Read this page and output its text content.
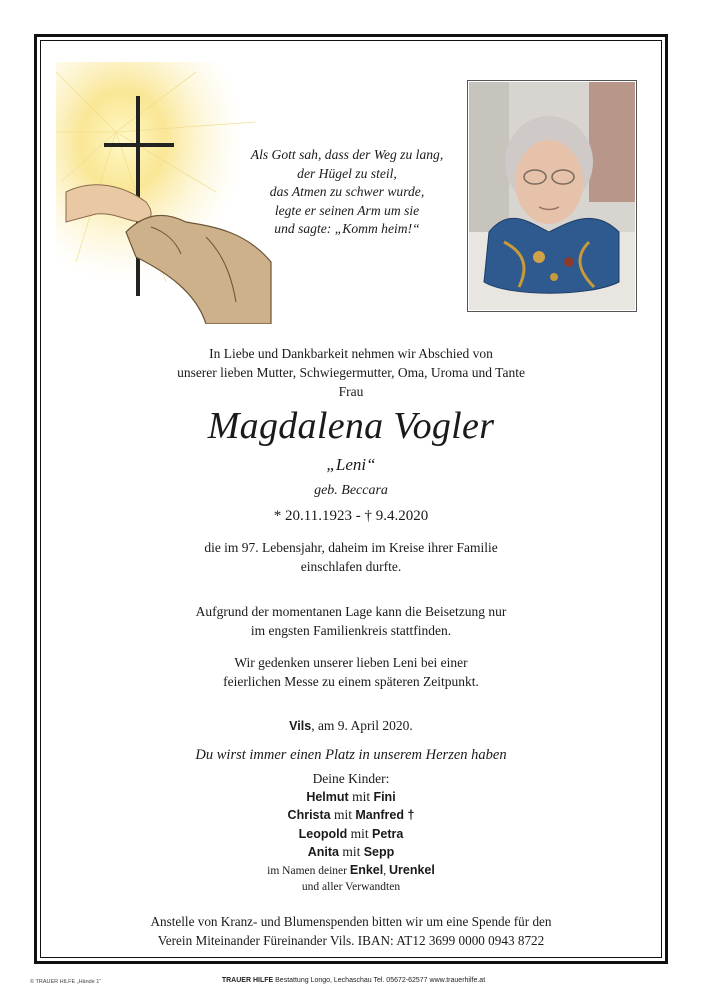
Als Gott sah, dass der Weg zu lang,
der Hügel zu steil,
das Atmen zu schwer wurde,
legte er seinen Arm um sie
und sagte: „Komm heim!“
In Liebe und Dankbarkeit nehmen wir Abschied von
unserer lieben Mutter, Schwiegermutter, Oma, Uroma und Tante
Frau
Magdalena Vogler
„Leni“
geb. Beccara
* 20.11.1923 - † 9.4.2020
die im 97. Lebensjahr, daheim im Kreise ihrer Familie
einschlafen durfte.
Aufgrund der momentanen Lage kann die Beisetzung nur
im engsten Familienkreis stattfinden.
Wir gedenken unserer lieben Leni bei einer
feierlichen Messe zu einem späteren Zeitpunkt.
Vils, am 9. April 2020.
Du wirst immer einen Platz in unserem Herzen haben
Deine Kinder:
Helmut mit Fini
Christa mit Manfred †
Leopold mit Petra
Anita mit Sepp
im Namen deiner Enkel, Urenkel
und aller Verwandten
Anstelle von Kranz- und Blumenspenden bitten wir um eine Spende für den
Verein Miteinander Füreinander Vils. IBAN: AT12 3699 0000 0943 8722
© TRAUER HILFE „Hände 1“	TRAUER HILFE Bestattung Longo, Lechaschau Tel. 05672-62577 www.trauerhilfe.at
